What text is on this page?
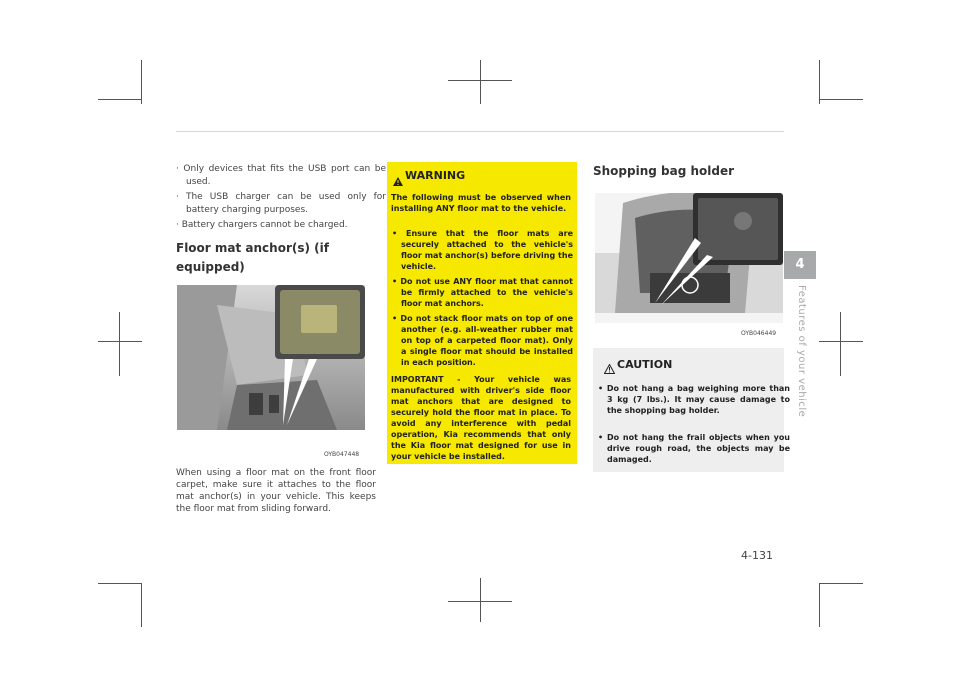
· Only devices that fits the USB port can be used.
· The USB charger can be used only for battery charging purposes.
· Battery chargers cannot be charged.
Floor mat anchor(s) (if
equipped)
OYB047448
When using a floor mat on the front floor carpet, make sure it attaches to the floor mat anchor(s) in your vehicle. This keeps the floor mat from sliding forward.
WARNING
The following must be observed when installing ANY floor mat to the vehicle.
• Ensure that the floor mats are securely attached to the vehicle's floor mat anchor(s) before driving the vehicle.
• Do not use ANY floor mat that cannot be firmly attached to the vehicle's floor mat anchors.
• Do not stack floor mats on top of one another (e.g. all-weather rubber mat on top of a carpeted floor mat). Only a single floor mat should be installed in each position.
IMPORTANT - Your vehicle was manufactured with driver's side floor mat anchors that are designed to securely hold the floor mat in place. To avoid any interference with pedal operation, Kia recommends that only the Kia floor mat designed for use in your vehicle be installed.
Shopping bag holder
OYB046449
CAUTION
• Do not hang a bag weighing more than 3 kg (7 lbs.). It may cause damage to the shopping bag holder.
• Do not hang the frail objects when you drive rough road, the objects may be damaged.
4
Features of your vehicle
4-131
